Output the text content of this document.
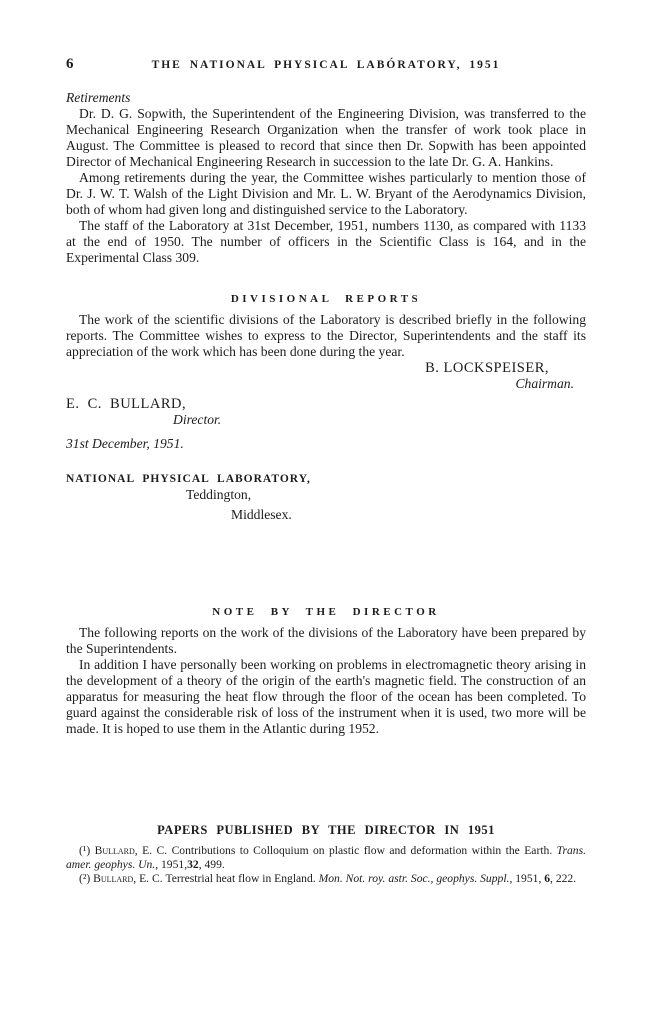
6	THE NATIONAL PHYSICAL LABÓRATORY, 1951

Retirements

Dr. D. G. Sopwith, the Superintendent of the Engineering Division, was transferred to the Mechanical Engineering Research Organization when the transfer of work took place in August. The Committee is pleased to record that since then Dr. Sopwith has been appointed Director of Mechanical Engineering Research in succession to the late Dr. G. A. Hankins.

Among retirements during the year, the Committee wishes particularly to mention those of Dr. J. W. T. Walsh of the Light Division and Mr. L. W. Bryant of the Aerodynamics Division, both of whom had given long and distinguished service to the Laboratory.

The staff of the Laboratory at 31st December, 1951, numbers 1130, as compared with 1133 at the end of 1950. The number of officers in the Scientific Class is 164, and in the Experimental Class 309.

DIVISIONAL REPORTS

The work of the scientific divisions of the Laboratory is described briefly in the following reports. The Committee wishes to express to the Director, Superintendents and the staff its appreciation of the work which has been done during the year.

B. LOCKSPEISER,
Chairman.
E. C. BULLARD,
Director.
31st December, 1951.
NATIONAL PHYSICAL LABORATORY,
Teddington,
Middlesex.

NOTE BY THE DIRECTOR

The following reports on the work of the divisions of the Laboratory have been prepared by the Superintendents.

In addition I have personally been working on problems in electromagnetic theory arising in the development of a theory of the origin of the earth's magnetic field. The construction of an apparatus for measuring the heat flow through the floor of the ocean has been completed. To guard against the considerable risk of loss of the instrument when it is used, two more will be made. It is hoped to use them in the Atlantic during 1952.

PAPERS PUBLISHED BY THE DIRECTOR IN 1951

(¹) Bullard, E. C. Contributions to Colloquium on plastic flow and deformation within the Earth. Trans. amer. geophys. Un., 1951,32, 499.

(²) Bullard, E. C. Terrestrial heat flow in England. Mon. Not. roy. astr. Soc., geophys. Suppl., 1951, 6, 222.
